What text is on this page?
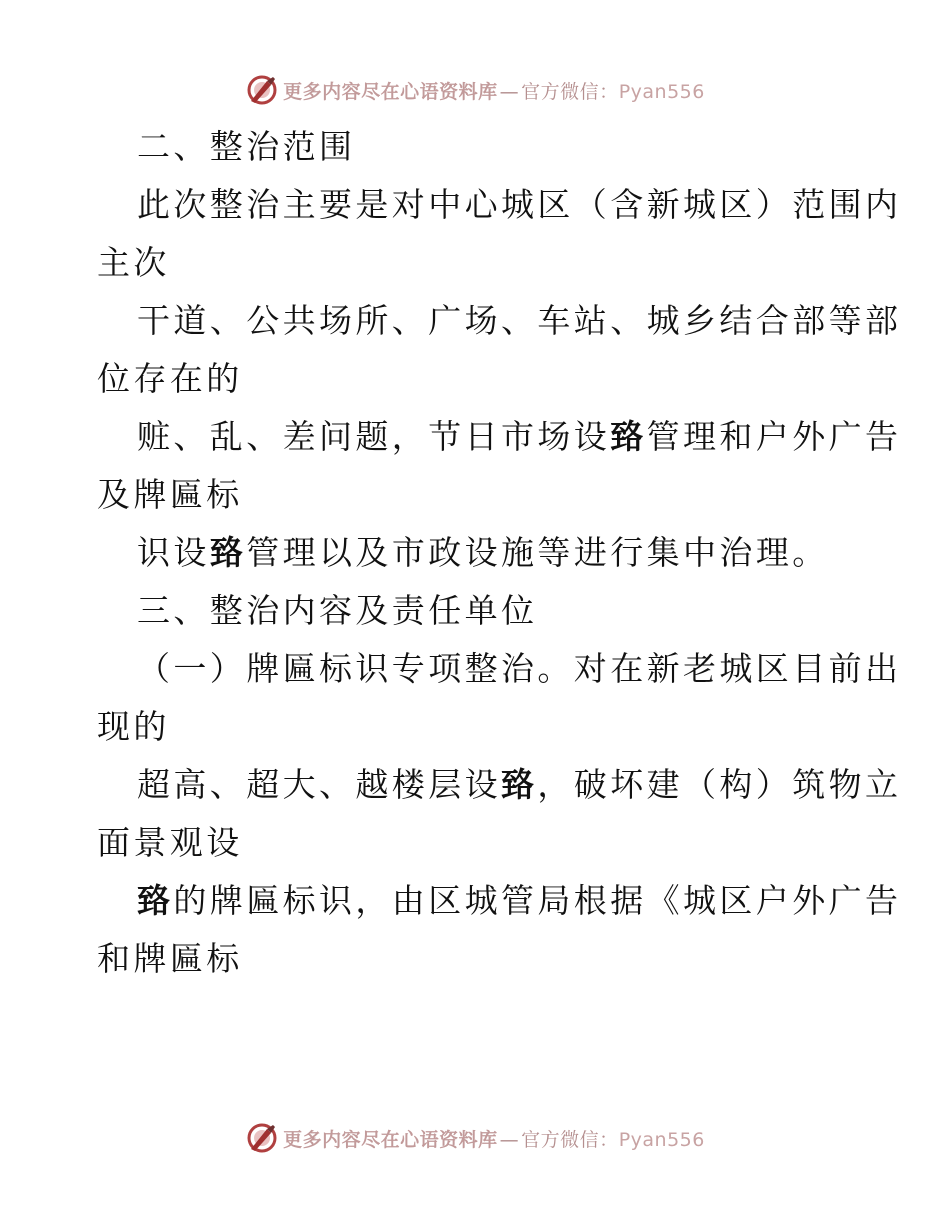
更多内容尽在心语资料库 — 官方微信：Pyan556
二、整治范围
此次整治主要是对中心城区（含新城区）范围内
主次
干道、公共场所、广场、车站、城乡结合部等部
位存在的
赃、乱、差问题，节日市场设臵管理和户外广告
及牌匾标
识设臵管理以及市政设施等进行集中治理。
三、整治内容及责任单位
（一）牌匾标识专项整治。对在新老城区目前出
现的
超高、超大、越楼层设臵，破坏建（构）筑物立
面景观设
臵的牌匾标识，由区城管局根据《城区户外广告
和牌匾标
更多内容尽在心语资料库 — 官方微信：Pyan556
